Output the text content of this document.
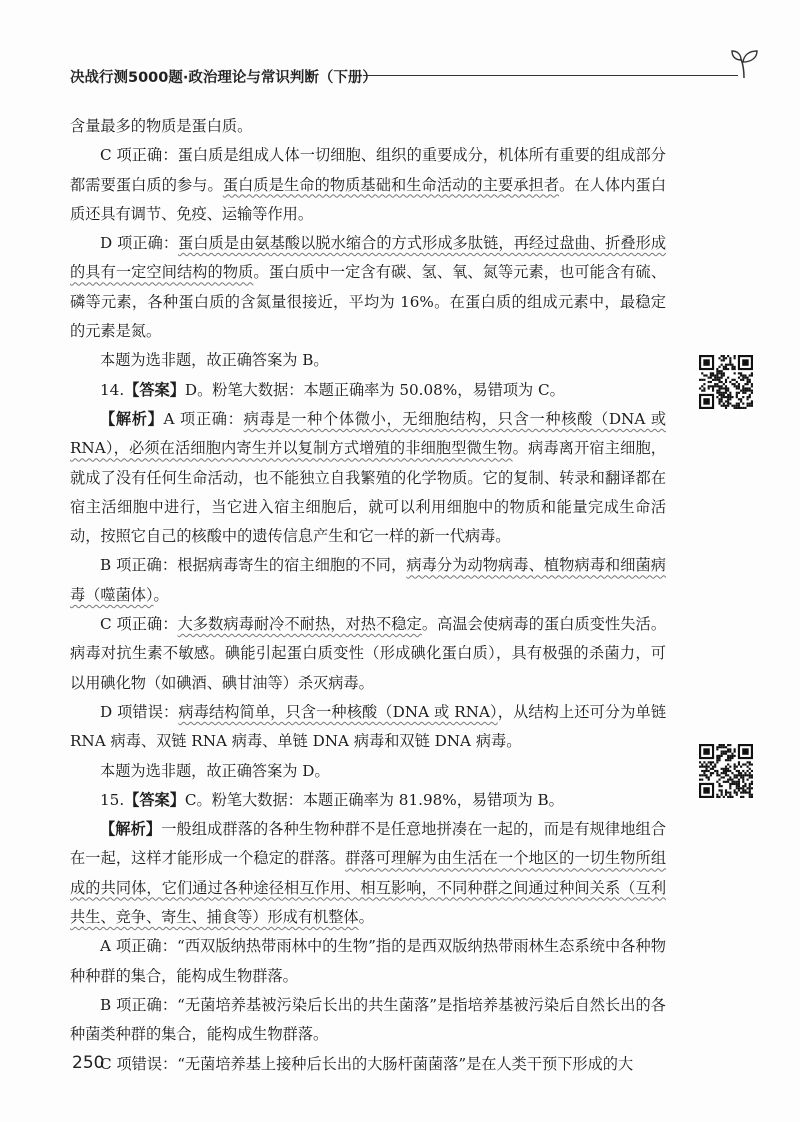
决战行测5000题·政治理论与常识判断（下册）

含量最多的物质是蛋白质。

C 项正确：蛋白质是组成人体一切细胞、组织的重要成分，机体所有重要的组成部分都需要蛋白质的参与。蛋白质是生命的物质基础和生命活动的主要承担者。在人体内蛋白质还具有调节、免疫、运输等作用。

D 项正确：蛋白质是由氨基酸以脱水缩合的方式形成多肽链，再经过盘曲、折叠形成的具有一定空间结构的物质。蛋白质中一定含有碳、氢、氧、氮等元素，也可能含有硫、磷等元素，各种蛋白质的含氮量很接近，平均为 16%。在蛋白质的组成元素中，最稳定的元素是氮。

本题为选非题，故正确答案为 B。

14.【答案】D。粉笔大数据：本题正确率为 50.08%，易错项为 C。

【解析】A 项正确：病毒是一种个体微小，无细胞结构，只含一种核酸（DNA 或 RNA），必须在活细胞内寄生并以复制方式增殖的非细胞型微生物。病毒离开宿主细胞，就成了没有任何生命活动，也不能独立自我繁殖的化学物质。它的复制、转录和翻译都在宿主活细胞中进行，当它进入宿主细胞后，就可以利用细胞中的物质和能量完成生命活动，按照它自己的核酸中的遗传信息产生和它一样的新一代病毒。

B 项正确：根据病毒寄生的宿主细胞的不同，病毒分为动物病毒、植物病毒和细菌病毒（噬菌体）。

C 项正确：大多数病毒耐冷不耐热，对热不稳定。高温会使病毒的蛋白质变性失活。病毒对抗生素不敏感。碘能引起蛋白质变性（形成碘化蛋白质），具有极强的杀菌力，可以用碘化物（如碘酒、碘甘油等）杀灭病毒。

D 项错误：病毒结构简单，只含一种核酸（DNA 或 RNA），从结构上还可分为单链 RNA 病毒、双链 RNA 病毒、单链 DNA 病毒和双链 DNA 病毒。

本题为选非题，故正确答案为 D。

15.【答案】C。粉笔大数据：本题正确率为 81.98%，易错项为 B。

【解析】一般组成群落的各种生物种群不是任意地拼凑在一起的，而是有规律地组合在一起，这样才能形成一个稳定的群落。群落可理解为由生活在一个地区的一切生物所组成的共同体，它们通过各种途径相互作用、相互影响，不同种群之间通过种间关系（互利共生、竞争、寄生、捕食等）形成有机整体。

A 项正确：“西双版纳热带雨林中的生物”指的是西双版纳热带雨林生态系统中各种物种种群的集合，能构成生物群落。

B 项正确：“无菌培养基被污染后长出的共生菌落”是指培养基被污染后自然长出的各种菌类种群的集合，能构成生物群落。

C 项错误：“无菌培养基上接种后长出的大肠杆菌菌落”是在人类干预下形成的大

250
